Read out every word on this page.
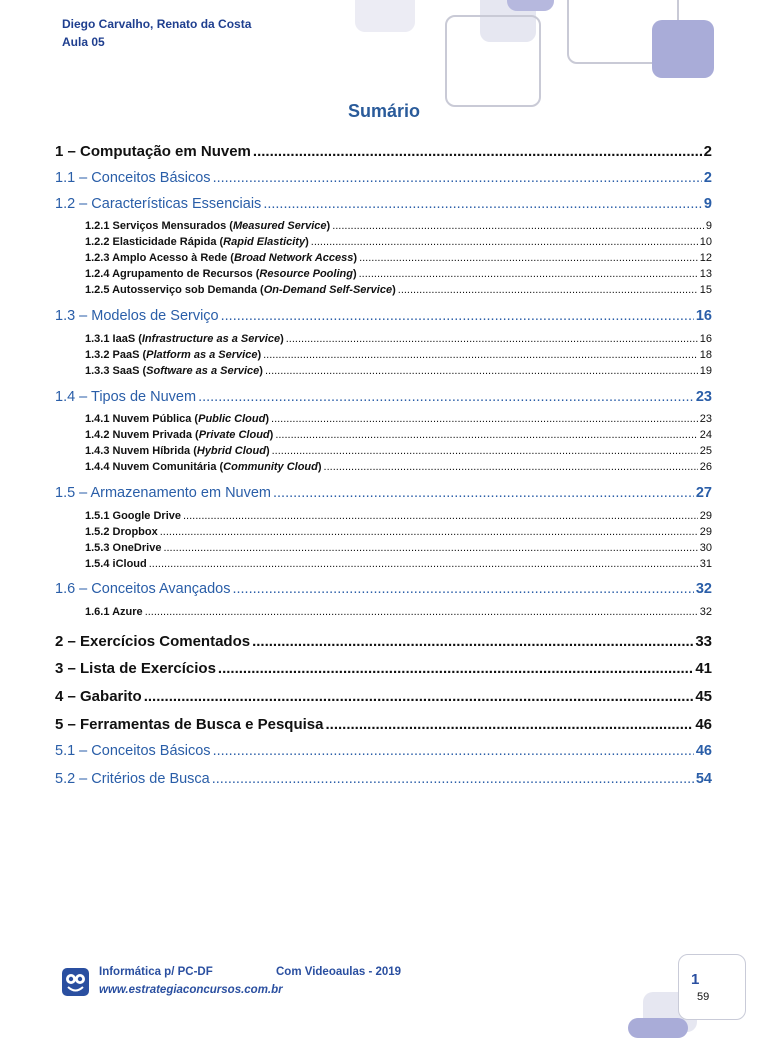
Diego Carvalho, Renato da Costa
Aula 05
Sumário
1 – Computação em Nuvem .....	2
1.1 – Conceitos Básicos .....	2
1.2 – Características Essenciais .....	9
1.2.1 Serviços Mensurados (Measured Service) .....	9
1.2.2 Elasticidade Rápida (Rapid Elasticity) .....	10
1.2.3 Amplo Acesso à Rede (Broad Network Access) .....	12
1.2.4 Agrupamento de Recursos (Resource Pooling) .....	13
1.2.5 Autosserviço sob Demanda (On-Demand Self-Service) .....	15
1.3 – Modelos de Serviço .....	16
1.3.1 IaaS (Infrastructure as a Service) .....	16
1.3.2 PaaS (Platform as a Service) .....	18
1.3.3 SaaS (Software as a Service) .....	19
1.4 – Tipos de Nuvem .....	23
1.4.1 Nuvem Pública (Public Cloud) .....	23
1.4.2 Nuvem Privada (Private Cloud) .....	24
1.4.3 Nuvem Híbrida (Hybrid Cloud) .....	25
1.4.4 Nuvem Comunitária (Community Cloud) .....	26
1.5 – Armazenamento em Nuvem .....	27
1.5.1 Google Drive .....	29
1.5.2 Dropbox .....	29
1.5.3 OneDrive .....	30
1.5.4 iCloud .....	31
1.6 – Conceitos Avançados .....	32
1.6.1 Azure .....	32
2 – Exercícios Comentados .....	33
3 – Lista de Exercícios .....	41
4 – Gabarito .....	45
5 – Ferramentas de Busca e Pesquisa .....	46
5.1 – Conceitos Básicos .....	46
5.2 – Critérios de Busca .....	54
Informática p/ PC-DF	Com Videoaulas - 2019
www.estrategiaconcursos.com.br
1
59
